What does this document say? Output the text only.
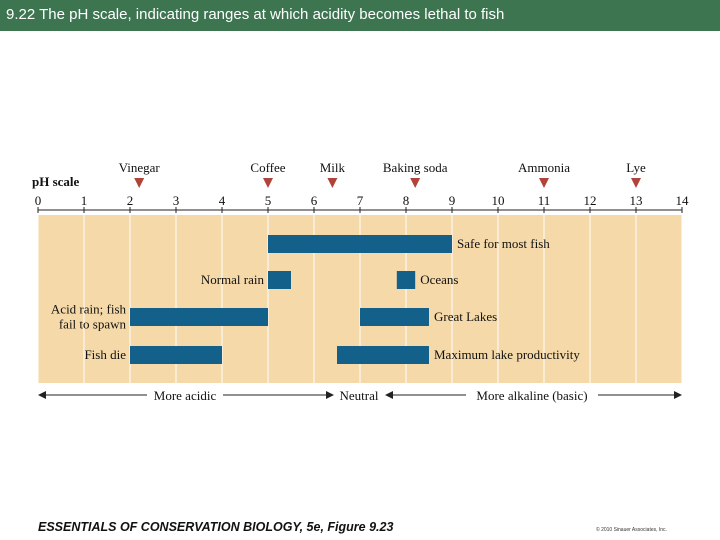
9.22 The pH scale, indicating ranges at which acidity becomes lethal to fish
pH scale
0	1	2	3	4	5	6	7	8	9	10	11	12	13	14
Vinegar	Coffee	Milk	Baking soda	Ammonia	Lye
Safe for most fish
Normal rain	Oceans
Acid rain; fish fail to spawn	Great Lakes
Fish die	Maximum lake productivity
More acidic	Neutral	More alkaline (basic)
ESSENTIALS OF CONSERVATION BIOLOGY, 5e, Figure 9.23	© 2010 Sinauer Associates, Inc.
